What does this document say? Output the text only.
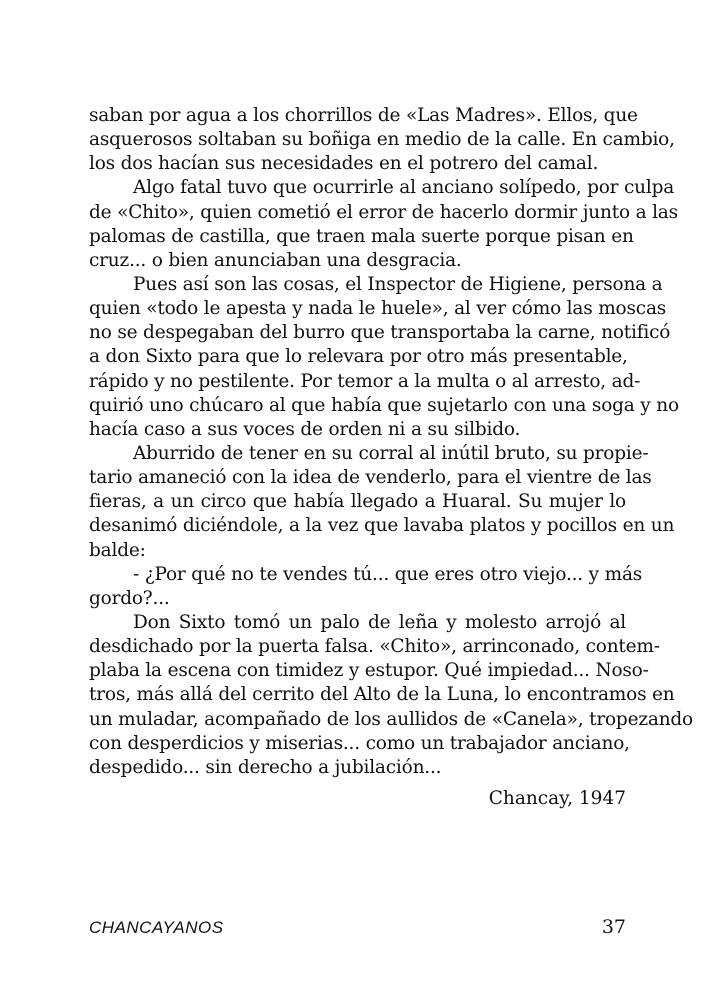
saban por agua a los chorrillos de «Las Madres». Ellos, que
asquerosos soltaban su boñiga en medio de la calle. En cambio,
los dos hacían sus necesidades en el potrero del camal.
Algo fatal tuvo que ocurrirle al anciano solípedo, por culpa
de «Chito», quien cometió el error de hacerlo dormir junto a las
palomas de castilla, que traen mala suerte porque pisan en
cruz... o bien anunciaban una desgracia.
Pues así son las cosas, el Inspector de Higiene, persona a
quien «todo le apesta y nada le huele», al ver cómo las moscas
no se despegaban del burro que transportaba la carne, notificó
a don Sixto para que lo relevara por otro más presentable,
rápido y no pestilente. Por temor a la multa o al arresto, ad-
quirió uno chúcaro al que había que sujetarlo con una soga y no
hacía caso a sus voces de orden ni a su silbido.
Aburrido de tener en su corral al inútil bruto, su propie-
tario amaneció con la idea de venderlo, para el vientre de las
fieras, a un circo que había llegado a Huaral. Su mujer lo
desanimó diciéndole, a la vez que lavaba platos y pocillos en un
balde:
- ¿Por qué no te vendes tú... que eres otro viejo... y más
gordo?...
Don Sixto tomó un palo de leña y molesto arrojó al
desdichado por la puerta falsa. «Chito», arrinconado, contem-
plaba la escena con timidez y estupor. Qué impiedad... Noso-
tros, más allá del cerrito del Alto de la Luna, lo encontramos en
un muladar, acompañado de los aullidos de «Canela», tropezando
con desperdicios y miserias... como un trabajador anciano,
despedido... sin derecho a jubilación...
Chancay, 1947
CHANCAYANOS	37
